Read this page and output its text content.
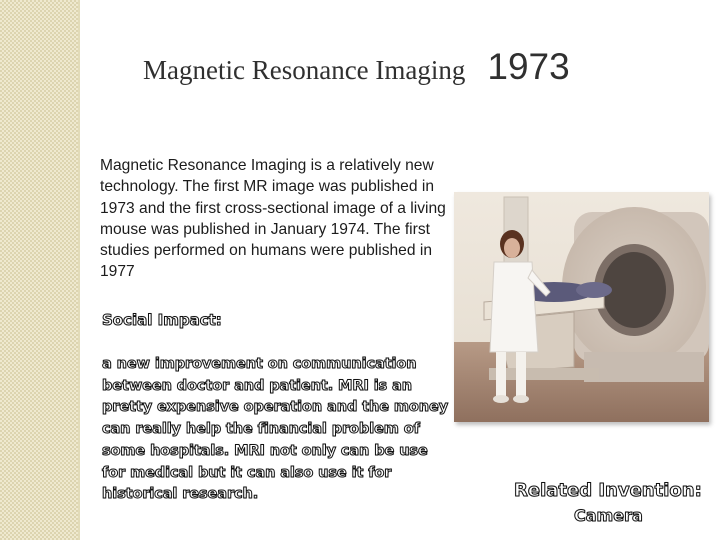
Magnetic Resonance Imaging 1973
Magnetic Resonance Imaging is a relatively new technology. The first MR image was published in 1973 and the first cross-sectional image of a living mouse was published in January 1974. The first studies performed on humans were published in 1977
Social Impact:
a new improvement on communication between doctor and patient. MRI is an pretty expensive operation and the money can really help the financial problem of some hospitals. MRI not only can be use for medical but it can also use it for historical research.	Related Invention:
Camera
